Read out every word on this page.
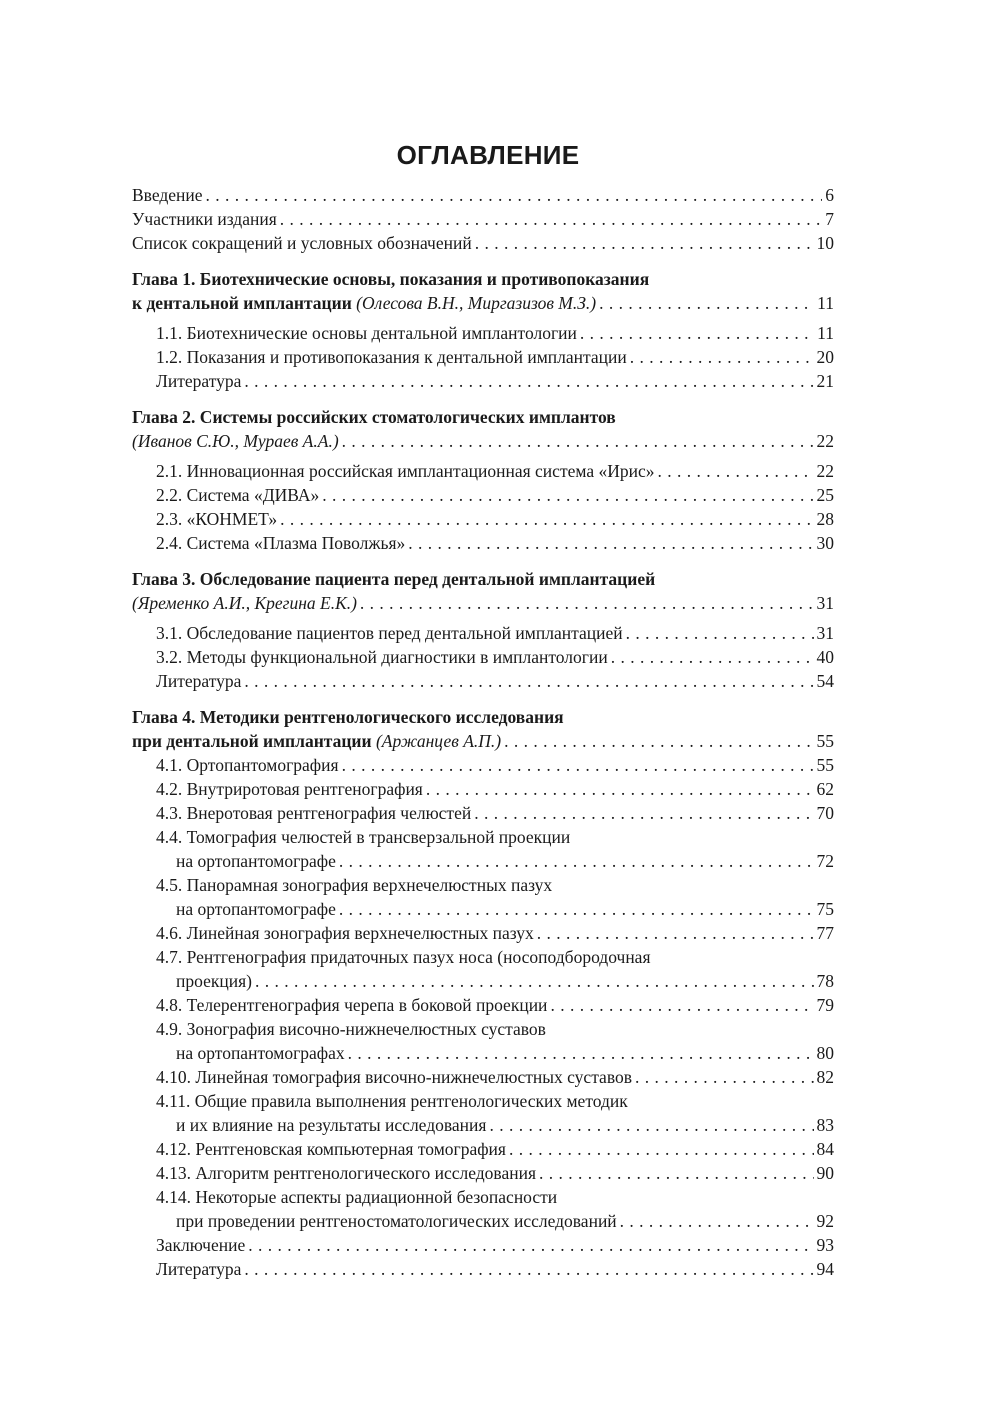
ОГЛАВЛЕНИЕ
Введение . . .	6
Участники издания . . .	7
Список сокращений и условных обозначений . . .	10
Глава 1. Биотехнические основы, показания и противопоказания
к дентальной имплантации (Олесова В.Н., Миргазизов М.З.) . . .	11
1.1. Биотехнические основы дентальной имплантологии . . .	11
1.2. Показания и противопоказания к дентальной имплантации . . .	20
Литература . . .	21
Глава 2. Системы российских стоматологических имплантов
(Иванов С.Ю., Мураев А.А.) . . .	22
2.1. Инновационная российская имплантационная система «Ирис» . . .	22
2.2. Система «ДИВА» . . .	25
2.3. «КОНМЕТ» . . .	28
2.4. Система «Плазма Поволжья» . . .	30
Глава 3. Обследование пациента перед дентальной имплантацией
(Яременко А.И., Крегина Е.К.) . . .	31
3.1. Обследование пациентов перед дентальной имплантацией . . .	31
3.2. Методы функциональной диагностики в имплантологии . . .	40
Литература . . .	54
Глава 4. Методики рентгенологического исследования
при дентальной имплантации (Аржанцев А.П.) . . .	55
4.1. Ортопантомография . . .	55
4.2. Внутриротовая рентгенография . . .	62
4.3. Внеротовая рентгенография челюстей . . .	70
4.4. Томография челюстей в трансверзальной проекции
на ортопантомографе . . .	72
4.5. Панорамная зонография верхнечелюстных пазух
на ортопантомографе . . .	75
4.6. Линейная зонография верхнечелюстных пазух . . .	77
4.7. Рентгенография придаточных пазух носа (носоподбородочная
проекция) . . .	78
4.8. Телерентгенография черепа в боковой проекции . . .	79
4.9. Зонография височно-нижнечелюстных суставов
на ортопантомографах . . .	80
4.10. Линейная томография височно-нижнечелюстных суставов . . .	82
4.11. Общие правила выполнения рентгенологических методик
и их влияние на результаты исследования . . .	83
4.12. Рентгеновская компьютерная томография . . .	84
4.13. Алгоритм рентгенологического исследования . . .	90
4.14. Некоторые аспекты радиационной безопасности
при проведении рентгеностоматологических исследований . . .	92
Заключение . . .	93
Литература . . .	94
